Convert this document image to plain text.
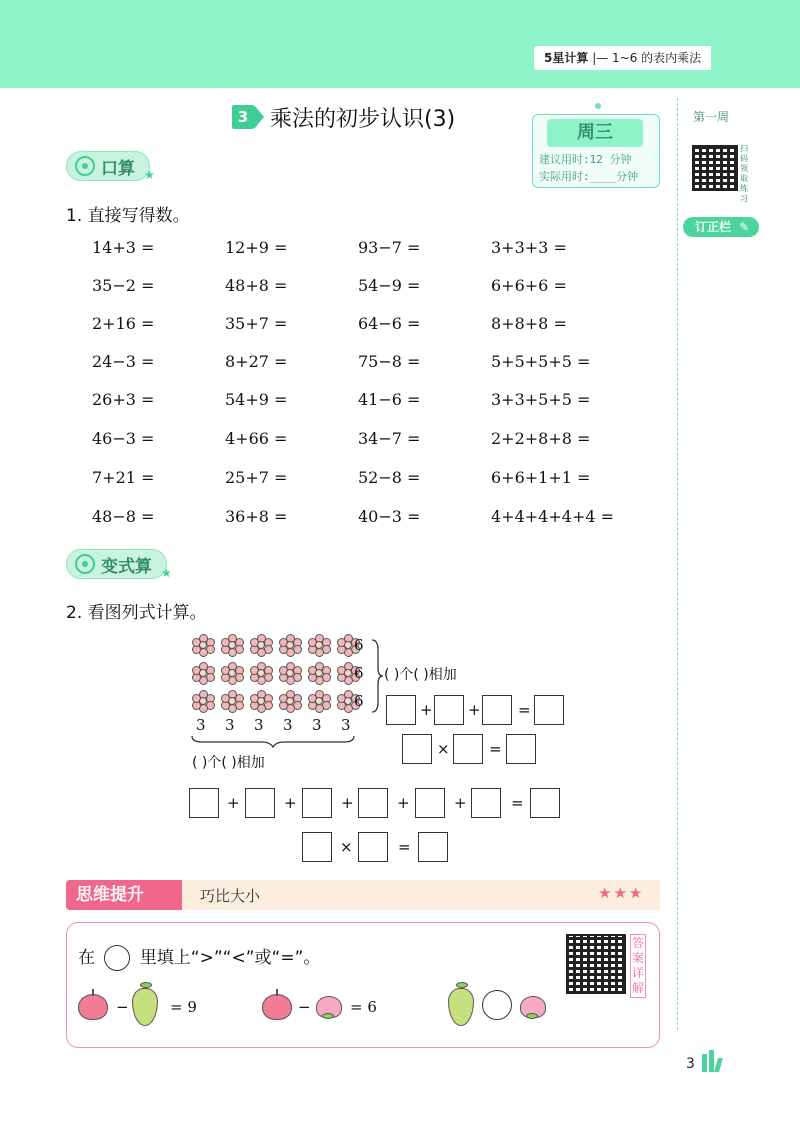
5星计算 |— 1~6 的表内乘法
3 乘法的初步认识(3)
周三
建议用时:12 分钟
实际用时:____分钟
第一周
扫码领取练习
订正栏 ✎
口算 ★
1. 直接写得数。
14+3 =	12+9 =	93−7 =	3+3+3 =
35−2 =	48+8 =	54−9 =	6+6+6 =
2+16 =	35+7 =	64−6 =	8+8+8 =
24−3 =	8+27 =	75−8 =	5+5+5+5 =
26+3 =	54+9 =	41−6 =	3+3+5+5 =
46−3 =	4+66 =	34−7 =	2+2+8+8 =
7+21 =	25+7 =	52−8 =	6+6+1+1 =
48−8 =	36+8 =	40−3 =	4+4+4+4+4 =
变式算 ★
2. 看图列式计算。
6
6
6
3 3 3 3 3 3
( )个( )相加
+ + =
×	=
( )个( )相加
+	+	+	+	+	=
×	=
思维提升	巧比大小	★★★
在	里填上“>”“<”或“=”。
答案详解
−	= 9	−	= 6
3
